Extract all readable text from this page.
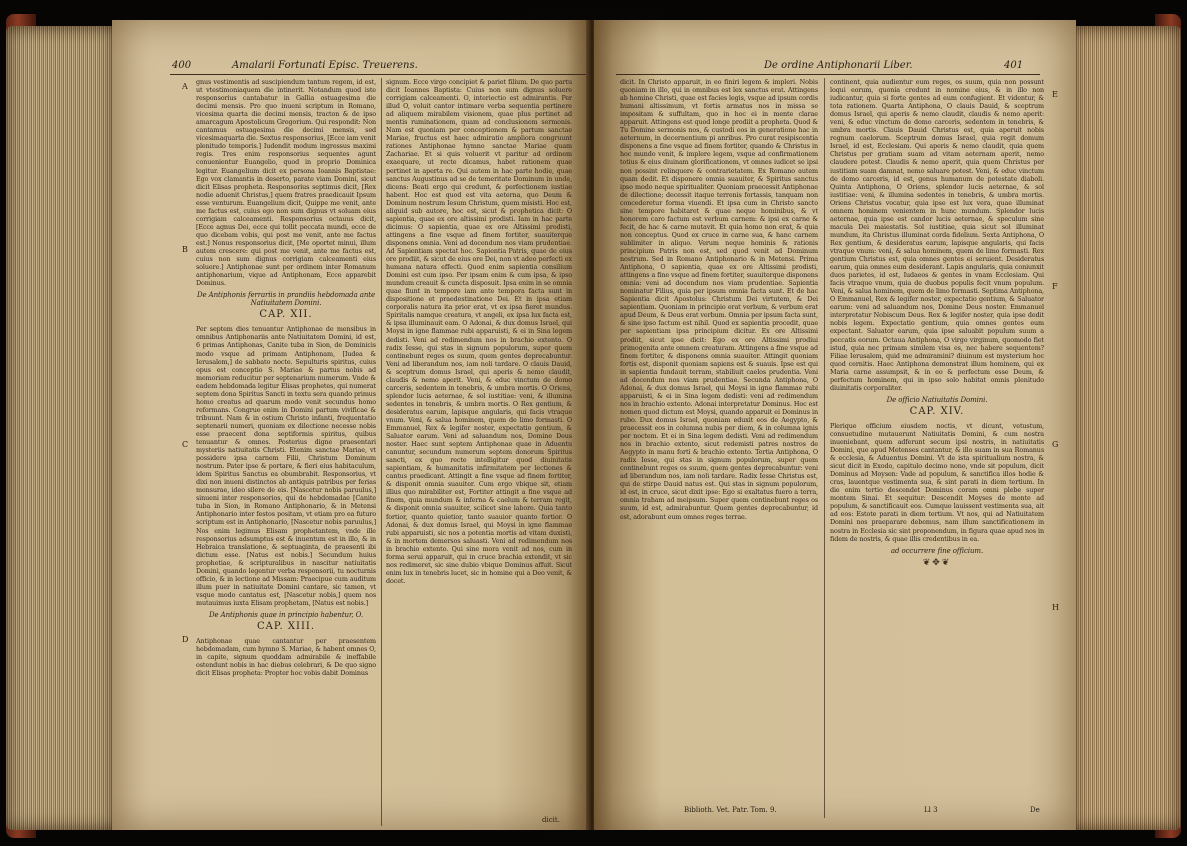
400	Amalarii Fortunati Episc. Treuerens.
A
B
C
D

gnus vestimentis ad suscipiendum tantum regem, id est, ut vtestimoniaquem die intinerit. Notandum quod iste responsorius cantabatur in Gallia ostuagesima die decimi mensis. Pro quo inueni scriptum in Romano, vicesima quarta die decimi mensis, tracton & de ipso amarcagum Apostolicum Gregorium. Qui respondit: Non cantamus ostuagesima die decimi mensis, sed vicesimaquarta die. Sextus responsorius, [Ecce iam venit plenitudo temporis.] Iudendit modum ingressus maximi regis. Tres enim responsorius sequentes agunt conuenientur Euangelio, quod in proprio Dominica legitur. Euangelium dicit ex persona Ioannis Baptistae: Ego vox clamantis in deserto, parate viam Domini, sicut dicit Elisas propheta. Responsorius septimus dicit, [Rex nodie aduenit Christus,] quem fratres praedicauit Ipsum esse venturum. Euangelium dicit, Quippe me venit, ante me factus est, cuius ego non sum dignus vt soluam eius corrigiam calceamenti. Responsorius octauus dicit, [Ecce agnus Dei, ecce qui tollit peccata mundi, ecce de quo dicebam vobis, qui post me venit, ante me factus est.] Nonus responsorius dicit, [Me oportet minui, illum autem crescere: qui post me venit, ante me factus est, cuius non sum dignus corrigiam calceamenti eius soluere.] Antiphonae sunt per ordinem inter Romanum antiphonarium, vique ad Antiphonam, Ecce apparebit Dominus.

De Antiphonis ferrariis in prandiis hebdomada ante Natiuitatem Domini.

CAP. XII.

Per septem dies tenuantur Antiphonae de mensibus in omnibus Antiphonariis ante Natiuitatem Domini, id est, 6 primas Antiphonas, Canite tuba in Sion, de Dominicis modo vsque ad primam Antiphonam, [Iudea & Ierusalem,] de sabbato nocte. Sepulturis spiritus, cuius opus est conceptio S. Mariae & partus nobis ad memoriam reducitur per septenarium numerum. Vnde & eadem hebdomada legitur Elisas prophetes, qui numerat septem dona Spiritus Sancti in textu sera quando primus homo creatus ad quarum modo venit secundus homo reformans. Congrue enim in Domini partum vivificae & tribuunt. Nam & in ostium Christo infanti, frequentatio septenarii numeri, quoniam ex dilectione necesse nobis esse praecent dona septiformis spiritus, quibus tenuantur & omnes. Posterius digne praesentari mysteriis natiuitatis Christi. Etenim sanctae Mariae, vt possidere ipsa carnem Filii, Christum Dominum nostrum. Pater ipse & portare, & fieri eius habitaculum, idem Spiritus Sanctus ea obumbrabit. Responsorius, vt dixi non inueni distinctos ab antiquis patribus per ferias mensurae, ideo silere de eis. [Nascetur nobis paruulus,] sinueni inter responsorios, qui de hebdomadae [Canite tuba in Sion, in Romano Antiphonario, & in Metensi Antiphonario inter festos positam, vt etiam pro ea futuro scriptum est in Antiphonario, [Nascetur nobis paruulus,] Nos enim legimus Elisam prophetantem, vnde ille responsorius adsumptus est & inuentum est in illo, & in Hebraica translatione, & septuaginta, de praesenti ibi dictum esse. [Natus est nobis.] Secundum huius prophetiae, & scripturalibus in nascitur natiuitatis Domini, quando legentur verba responsorii, tu nocturnis officio, & in lectione ad Missam: Praecipue cum auditum illum puer in natiuitate Domini cantare, sic tamen, vt vsque modo cantatus est, [Nascetur nobis,] quem nos mutauimus iuxta Elisam prophetam, [Natus est nobis.]

De Antiphonis quae in principio habentur, O.

CAP. XIII.

Antiphonae quae cantantur per praesentem hebdomadam, cum hymno S. Mariae, & habent omnes O, in capite, signum quoddam admirabile & ineffabile ostendunt nobis in hac diebus celebrari, & De quo signo dicit Elisas propheta: Propter hoc vobis dabit Dominus

signum. Ecce virgo concipiet & pariet filium. De quo partu dicit Ioannes Baptista: Cuius non sum dignus soluere corrigiam calceamenti. O, interiectio est admirantis. Per illud O, voluit cantor intimare verba sequentia pertinere ad aliquem mirabilem visionem, quae plus pertinet ad mentis ruminationem, quam ad conclusionem sermonis. Nam est quoniam per conceptionem & partum sanctae Mariae, fructus est haec admiratio ampliora congruunt rationes Antiphonae hymno sanctae Mariae quam Zachariae. Et si quis voluerit vt paritur ad ordinem exaequare, ut recte dicamus, habet rationem quae pertinet in aperta re. Qui autem in hac parte hodie, quae sanctus Augustinus ad se de temeritate Dominum in unde, dicens: Beati ergo qui credunt, & perfectionem iustiae habent. Hoc est quod est vita aeterna, quo Deum & Dominum nostrum Iesum Christum, quem misisti. Hoc est, aliquid sub autore, hoc est, sicut & prophetica dicit: O sapientia, quae ex ore altissimi prodisti. Iam in hac parte dicimus: O sapientia, quae ex ore Altissimi prodisti, attingens a fine vsque ad finem fortiter, suauiterque disponens omnia. Veni ad docendum nos viam prudentiae. Ad Sapientiam spectat hoc. Sapientia Patris, quae de eius ore prodiit, & sicut de eius ore Dei, non vt adeo perfecti ex humana natura effecti. Quod enim sapientia consilium Domini est cum ipso. Per ipsam enim & cum ipsa, & ipso mundum creauit & cuncta disposuit. Ipsa enim in se omnia quae fiunt in tempore iam ante tempora facta sunt in dispositione et praedestinatione Dei. Et in ipsa etiam corporalis natura ita prior erat, vt ex ipsa fieret mundus. Spiritalis namque creatura, vt angeli, ex ipsa lux facta est, & ipsa illuminauit eam. O Adonai, & dux domus Israel, qui Moysi in igne flammae rubi apparuisti, & ei in Sina legem dedisti. Veni ad redimendum nos in brachio extento. O radix Iesse, qui stas in signum populorum, super quem continebunt reges os suum, quem gentes deprecabuntur. Veni ad liberandum nos, iam noli tardare. O clauis Dauid, & sceptrum domus Israel, qui aperis & nemo claudit, claudis & nemo aperit. Veni, & educ vinctum de domo carceris, sedentem in tenebris, & umbra mortis. O Oriens, splendor lucis aeternae, & sol iustitiae: veni, & illumina sedentes in tenebris, & umbra mortis. O Rex gentium, & desideratus earum, lapisque angularis, qui facis vtraque vnum. Veni, & salua hominem, quem de limo formasti. O Emmanuel, Rex & legifer noster, expectatio gentium, & Saluator earum. Veni ad saluandum nos, Domine Deus noster. Haec sunt septem Antiphonae quae in Aduentu canuntur, secundum numerum septem donorum Spiritus sancti, ex quo recte intelligitur quod diuinitatis sapientiam, & humanitatis infirmitatem per lectiones & cantus praedicant. Attingit a fine vsque ad finem fortiter, & disponit omnia suauiter. Cum ergo vbique sit, etiam illius quo mirabiliter est, Fortiter attingit a fine vsque ad finem, quia mundum & inferna & caelum & terram regit, & disponit omnia suauiter, scilicet sine labore. Quia tanto fortior, quanto quietior, tanto suauior quanto fortior. O Adonai, & dux domus Israel, qui Moysi in igne flammae rubi apparuisti, sic nos a potentia mortis ad vitam duxisti, & in mortem demersos saluasti. Veni ad redimendum nos in brachio extento. Qui sine mora venit ad nos, cum in forma serui apparuit, qui in cruce brachia extendit, vt sic nos redimeret, sic sine dubio vbique Dominus affuit. Sicut enim lux in tenebris lucet, sic in homine qui a Deo venit, & docet.

dicit.
De ordine Antiphonarii Liber.	401
E
F
G
H

dicit. In Christo apparuit, in eo finiri legem & impleri. Nobis quoniam in illo, qui in omnibus est lex sanctus erat. Attingens ab homine Christi, quae est facies legis, vsque ad ipsum cordis humani altissimum, vt fortis armatus nos in missa se impositam & suffultam, quo in hoc ei in mente clarae apparuit. Attingens est quod longe prodiit a propheta. Quod & Tu Domine sermonis nos, & custodi eos in generatione hac in aeternum, in decernentium pi anribus. Pro curat resipiscentia disponens a fine vsque ad finem fortiter, quando & Christus in hoc mundo venit, & implere legem, vsque ad confirmationem totius & eius diuinam glorificationem, vt omnes iudicet se ipsi non possint relinquere & contrarietatem. Ex Romano autem quam dedit. Et disponere omnia suauiter, & Spiritus sanctus ipso modo neque spiritualiter. Quoniam praecessit Antiphonae de dilectione; decessit itaque terrenis fortassis, tanquam non concederetur forma viuendi. Et ipsa cum in Christo sancto sine tempore habitaret & quae neque hominibus, & vt honorem caro factum est verbum carnem: & ipsi ex carne & fecit, de hac & carne mutavit. Et quia homo non erat, & quia non conceptus. Quod ex cruce in carne sua, & hanc carnem sublimiter in aliquo. Verum neque hominis & rationis principium Patris non est, sed quod venit ad Dominum nostrum. Sed in Romano Antiphonario & in Metensi. Prima Antiphona, O sapientia, quae ex ore Altissimi prodisti, attingens a fine vsque ad finem fortiter, suauiterque disponens omnia: veni ad docendum nos viam prudentiae. Sapientia nominatur Filius, quia per ipsum omnia facta sunt. Et de hac Sapientia dicit Apostolus: Christum Dei virtutem, & Dei sapientiam. Quoniam in principio erat verbum, & verbum erat apud Deum, & Deus erat verbum. Omnia per ipsum facta sunt, & sine ipso factum est nihil. Quod ex sapientia procedit, quae per sapientiam ipsa principium dicitur. Ex ore Altissimi prodiit, sicut ipse dicit: Ego ex ore Altissimi prodiui primogenita ante omnem creaturam. Attingens a fine vsque ad finem fortiter, & disponens omnia suauiter. Attingit quoniam fortis est, disponit quoniam sapiens est & suauis. Ipse est qui in sapientia fundauit terram, stabiliuit caelos prudentia. Veni ad docendum nos viam prudentiae. Secunda Antiphona, O Adonai, & dux domus Israel, qui Moysi in igne flammae rubi apparuisti, & ei in Sina legem dedisti: veni ad redimendum nos in brachio extento. Adonai interpretatur Dominus. Hoc est nomen quod dictum est Moysi, quando apparuit ei Dominus in rubo. Dux domus Israel, quoniam eduxit eos de Aegypto, & praecessit eos in columna nubis per diem, & in columna ignis per noctem. Et ei in Sina legem dedisti. Veni ad redimendum nos in brachio extento, sicut redemisti patres nostros de Aegypto in manu forti & brachio extento. Tertia Antiphona, O radix Iesse, qui stas in signum populorum, super quem continebunt reges os suum, quem gentes deprecabuntur: veni ad liberandum nos, iam noli tardare. Radix Iesse Christus est, qui de stirpe Dauid natus est. Qui stas in signum populorum, id est, in cruce, sicut dixit ipse: Ego si exaltatus fuero a terra, omnia traham ad meipsum. Super quem continebunt reges os suum, id est, admirabuntur. Quem gentes deprecabuntur, id est, adorabunt eum omnes reges terrae.

Biblioth. Vet. Patr. Tom. 9.

continent, quia audientur eum reges, os suum, quia non possunt loqui eorum, quonia credunt in nomine eius, & in illo non iudicantur, quia si forte gentes ad eum confugient. Et videntur, & tota rationem. Quarta Antiphona, O clauis Dauid, & sceptrum domus Israel, qui aperis & nemo claudit, claudis & nemo aperit: veni, & educ vinctum de domo carceris, sedentem in tenebris, & umbra mortis. Clauis Dauid Christus est, quia aperuit nobis regnum caelorum. Sceptrum domus Israel, quia regit domum Israel, id est, Ecclesiam. Qui aperis & nemo claudit, quia quem Christus per gratiam suam ad vitam aeternam aperit, nemo claudere potest. Claudis & nemo aperit, quia quem Christus per iustitiam suam damnat, nemo saluare potest. Veni, & educ vinctum de domo carceris, id est, genus humanum de potestate diaboli. Quinta Antiphona, O Oriens, splendor lucis aeternae, & sol iustitiae: veni, & illumina sedentes in tenebris, & umbra mortis. Oriens Christus vocatur, quia ipse est lux vera, quae illuminat omnem hominem venientem in hunc mundum. Splendor lucis aeternae, quia ipse est candor lucis aeternae, & speculum sine macula Dei maiestatis. Sol iustitiae, quia sicut sol illuminat mundum, ita Christus illuminat corda fidelium. Sexta Antiphona, O Rex gentium, & desideratus earum, lapisque angularis, qui facis vtraque vnum: veni, & salua hominem, quem de limo formasti. Rex gentium Christus est, quia omnes gentes ei seruient. Desideratus earum, quia omnes eum desiderant. Lapis angularis, quia coniunxit duos parietes, id est, Iudaeos & gentes in vnam Ecclesiam. Qui facis vtraque vnum, quia de duobus populis fecit vnum populum. Veni, & salua hominem, quem de limo formasti. Septima Antiphona, O Emmanuel, Rex & legifer noster, expectatio gentium, & Saluator earum: veni ad saluandum nos, Domine Deus noster. Emmanuel interpretatur Nobiscum Deus. Rex & legifer noster, quia ipse dedit nobis legem. Expectatio gentium, quia omnes gentes eum expectant. Saluator earum, quia ipse saluabit populum suum a peccatis eorum. Octaua Antiphona, O virgo virginum, quomodo fiet istud, quia nec primam similem visa es, nec habere sequentem? Filiae Ierusalem, quid me admiramini? diuinum est mysterium hoc quod cernitis. Haec Antiphona demonstrat illum hominem, qui ex Maria carne assumpsit, & in eo & perfectum esse Deum, & perfectum hominem, qui in ipso solo habitat omnis plenitudo diuinitatis corporaliter.

De officio Natiuitatis Domini.

CAP. XIV.

Plerique officium eiusdem noctis, vt dicunt, vetustum, consuetudine mutauerunt Natiuitatis Domini, & cum nostra inueniebant, quem adferunt secum ipsi nostris, in natiuitatis Domini, que apud Metenses cantantur, & illo suam in sua Romanus & ecclesia, & Aduentus Domini. Vt de ista spiritualium nostra, & sicut dicit in Exodo, capitulo decimo nono, vnde sit populum, dicit Dominus ad Moysen: Vade ad populum, & sanctifica illos hodie & cras, lauentque vestimenta sua, & sint parati in diem tertium. In die enim tertio descendet Dominus coram omni plebe super montem Sinai. Et sequitur: Descendit Moyses de monte ad populum, & sanctificauit eos. Cumque lauissent vestimenta sua, ait ad eos: Estote parati in diem tertium. Vt nos, qui ad Natiuitatem Domini nos praeparare debemus, nam illum sanctificationem in nostra in Ecclesia sic sint proponendum, in figura quae apud nos in fidem de nostris, & quae illis credentibus in ea.

ad occurrere fine officium.

❦✥❦
Ll 3	De
